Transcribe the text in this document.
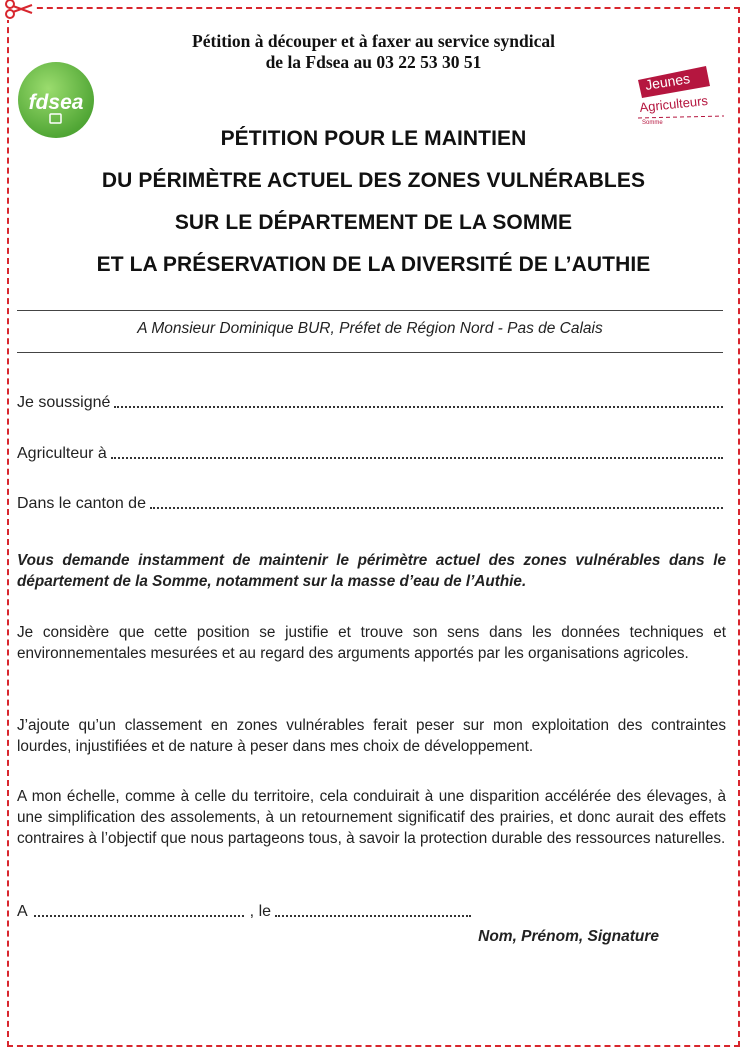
Pétition à découper et à faxer au service syndical
de la Fdsea au 03 22 53 30 51
fdsea
Jeunes
Agriculteurs
Somme
PÉTITION POUR LE MAINTIEN
DU PÉRIMÈTRE ACTUEL DES ZONES VULNÉRABLES
SUR LE DÉPARTEMENT DE LA SOMME
ET LA PRÉSERVATION DE LA DIVERSITÉ DE L’AUTHIE
A Monsieur Dominique BUR, Préfet de Région Nord - Pas de Calais
Je soussigné
Agriculteur à
Dans le canton de

Vous demande instamment de maintenir le périmètre actuel des zones vulnérables dans le département de la Somme, notamment sur la masse d’eau de l’Authie.

Je considère que cette position se justifie et trouve son sens dans les données techniques et environnementales mesurées et au regard des arguments apportés par les organisations agricoles.

J’ajoute qu’un classement en zones vulnérables ferait peser sur mon exploitation des contraintes lourdes, injustifiées et de nature à peser dans mes choix de développement.

A mon échelle, comme à celle du territoire, cela conduirait à une disparition accélérée des élevages, à une simplification des assolements, à un retournement significatif des prairies, et donc aurait des effets contraires à l’objectif que nous partageons tous, à savoir la protection durable des ressources naturelles.

A	, le
Nom, Prénom, Signature
